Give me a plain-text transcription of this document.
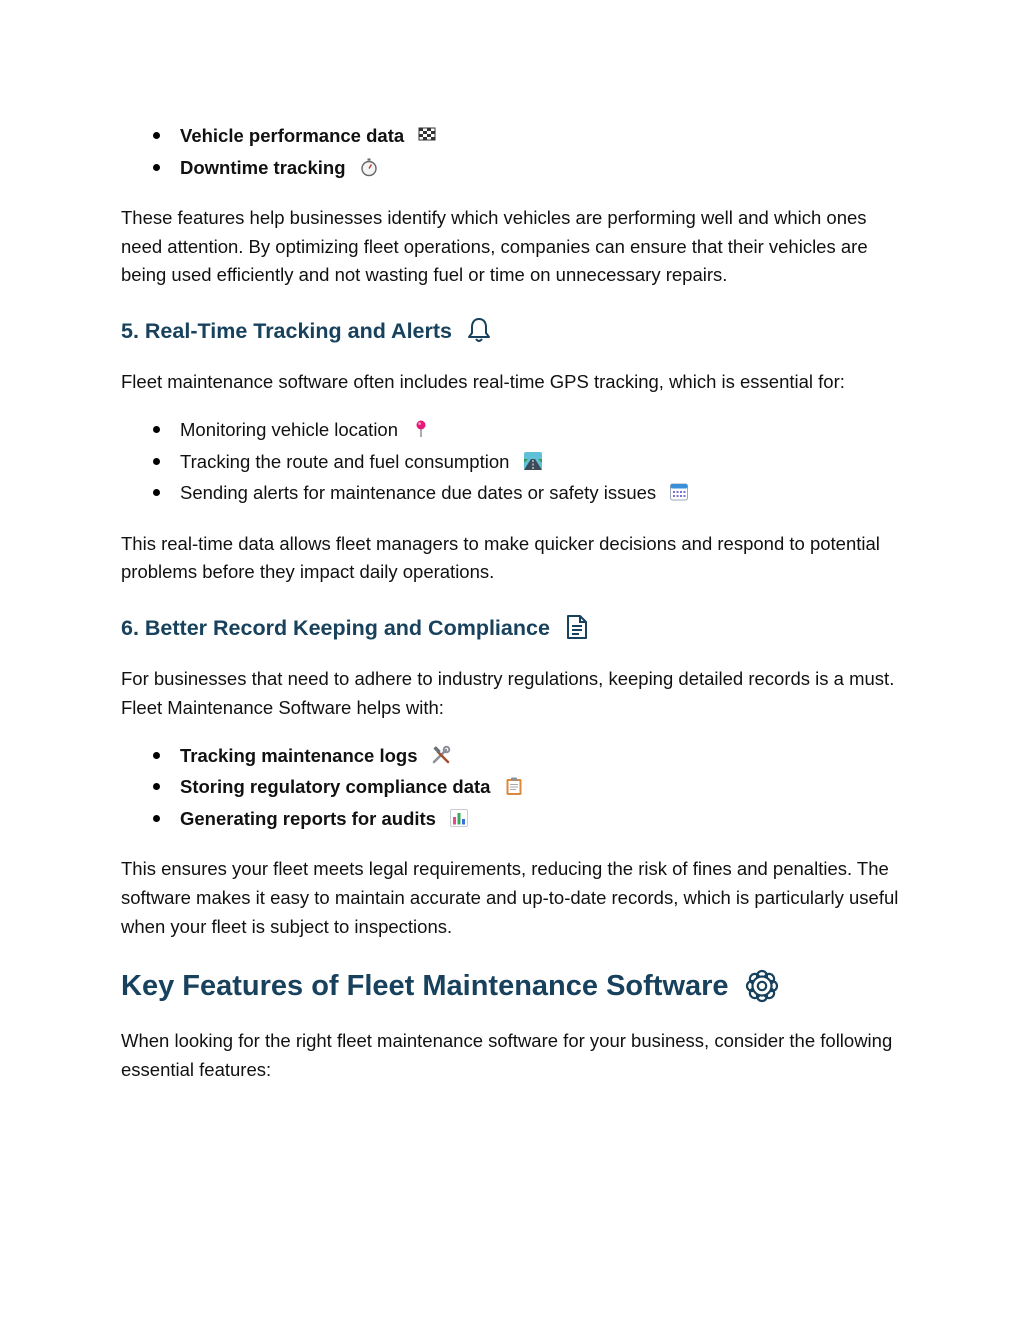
Vehicle performance data
Downtime tracking

These features help businesses identify which vehicles are performing well and which ones need attention. By optimizing fleet operations, companies can ensure that their vehicles are being used efficiently and not wasting fuel or time on unnecessary repairs.

5. Real-Time Tracking and Alerts

Fleet maintenance software often includes real-time GPS tracking, which is essential for:

Monitoring vehicle location
Tracking the route and fuel consumption
Sending alerts for maintenance due dates or safety issues

This real-time data allows fleet managers to make quicker decisions and respond to potential problems before they impact daily operations.

6. Better Record Keeping and Compliance

For businesses that need to adhere to industry regulations, keeping detailed records is a must. Fleet Maintenance Software helps with:

Tracking maintenance logs
Storing regulatory compliance data
Generating reports for audits

This ensures your fleet meets legal requirements, reducing the risk of fines and penalties. The software makes it easy to maintain accurate and up-to-date records, which is particularly useful when your fleet is subject to inspections.

Key Features of Fleet Maintenance Software

When looking for the right fleet maintenance software for your business, consider the following essential features:
